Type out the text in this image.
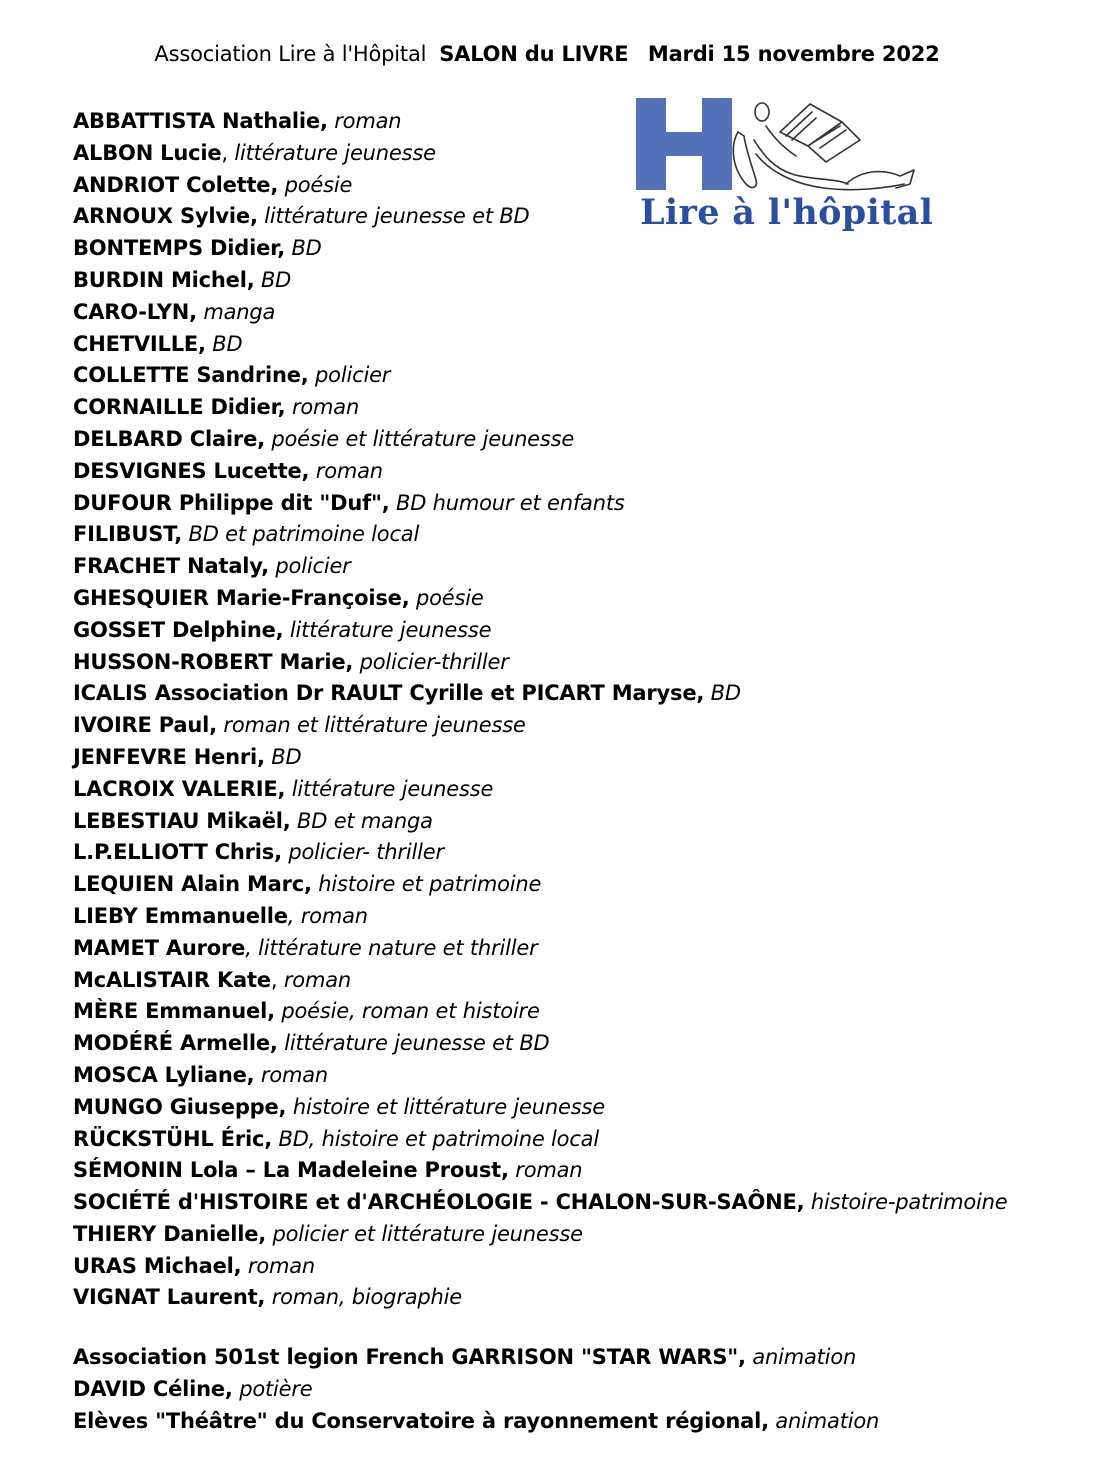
Association Lire à l'Hôpital SALON du LIVRE Mardi 15 novembre 2022
Lire à l'hôpital
ABBATTISTA Nathalie, roman
ALBON Lucie, littérature jeunesse
ANDRIOT Colette, poésie
ARNOUX Sylvie, littérature jeunesse et BD
BONTEMPS Didier, BD
BURDIN Michel, BD
CARO-LYN, manga
CHETVILLE, BD
COLLETTE Sandrine, policier
CORNAILLE Didier, roman
DELBARD Claire, poésie et littérature jeunesse
DESVIGNES Lucette, roman
DUFOUR Philippe dit "Duf", BD humour et enfants
FILIBUST, BD et patrimoine local
FRACHET Nataly, policier
GHESQUIER Marie-Françoise, poésie
GOSSET Delphine, littérature jeunesse
HUSSON-ROBERT Marie, policier-thriller
ICALIS Association Dr RAULT Cyrille et PICART Maryse, BD
IVOIRE Paul, roman et littérature jeunesse
JENFEVRE Henri, BD
LACROIX VALERIE, littérature jeunesse
LEBESTIAU Mikaël, BD et manga
L.P.ELLIOTT Chris, policier- thriller
LEQUIEN Alain Marc, histoire et patrimoine
LIEBY Emmanuelle, roman
MAMET Aurore, littérature nature et thriller
McALISTAIR Kate, roman
MÈRE Emmanuel, poésie, roman et histoire
MODÉRÉ Armelle, littérature jeunesse et BD
MOSCA Lyliane, roman
MUNGO Giuseppe, histoire et littérature jeunesse
RÜCKSTÜHL Éric, BD, histoire et patrimoine local
SÉMONIN Lola – La Madeleine Proust, roman
SOCIÉTÉ d'HISTOIRE et d'ARCHÉOLOGIE - CHALON-SUR-SAÔNE, histoire-patrimoine
THIERY Danielle, policier et littérature jeunesse
URAS Michael, roman
VIGNAT Laurent, roman, biographie
Association 501st legion French GARRISON "STAR WARS", animation
DAVID Céline, potière
Elèves "Théâtre" du Conservatoire à rayonnement régional, animation
